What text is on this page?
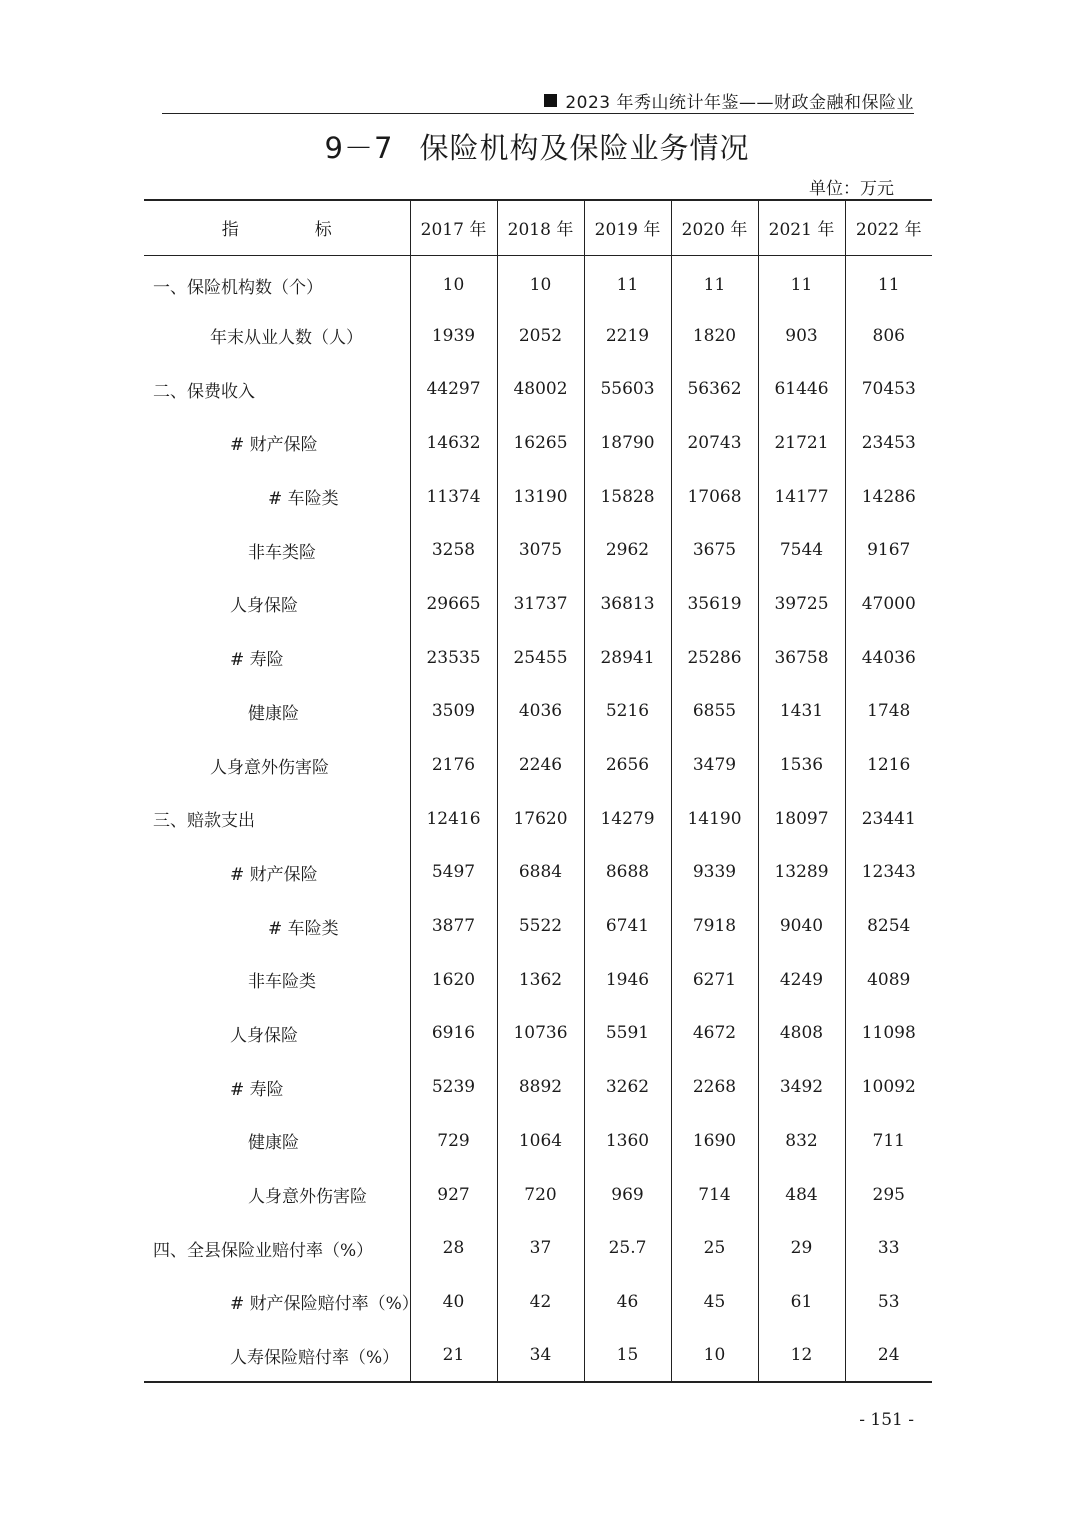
2023 年秀山统计年鉴——财政金融和保险业
9－7 保险机构及保险业务情况
单位：万元
指 标	2017 年	2018 年	2019 年	2020 年	2021 年	2022 年
一、保险机构数（个）	10	10	11	11	11	11
年末从业人数（人）	1939	2052	2219	1820	903	806
二、保费收入	44297	48002	55603	56362	61446	70453
# 财产保险	14632	16265	18790	20743	21721	23453
# 车险类	11374	13190	15828	17068	14177	14286
非车类险	3258	3075	2962	3675	7544	9167
人身保险	29665	31737	36813	35619	39725	47000
# 寿险	23535	25455	28941	25286	36758	44036
健康险	3509	4036	5216	6855	1431	1748
人身意外伤害险	2176	2246	2656	3479	1536	1216
三、赔款支出	12416	17620	14279	14190	18097	23441
# 财产保险	5497	6884	8688	9339	13289	12343
# 车险类	3877	5522	6741	7918	9040	8254
非车险类	1620	1362	1946	6271	4249	4089
人身保险	6916	10736	5591	4672	4808	11098
# 寿险	5239	8892	3262	2268	3492	10092
健康险	729	1064	1360	1690	832	711
人身意外伤害险	927	720	969	714	484	295
四、全县保险业赔付率（%）	28	37	25.7	25	29	33
# 财产保险赔付率（%）	40	42	46	45	61	53
人寿保险赔付率（%）	21	34	15	10	12	24
- 151 -
